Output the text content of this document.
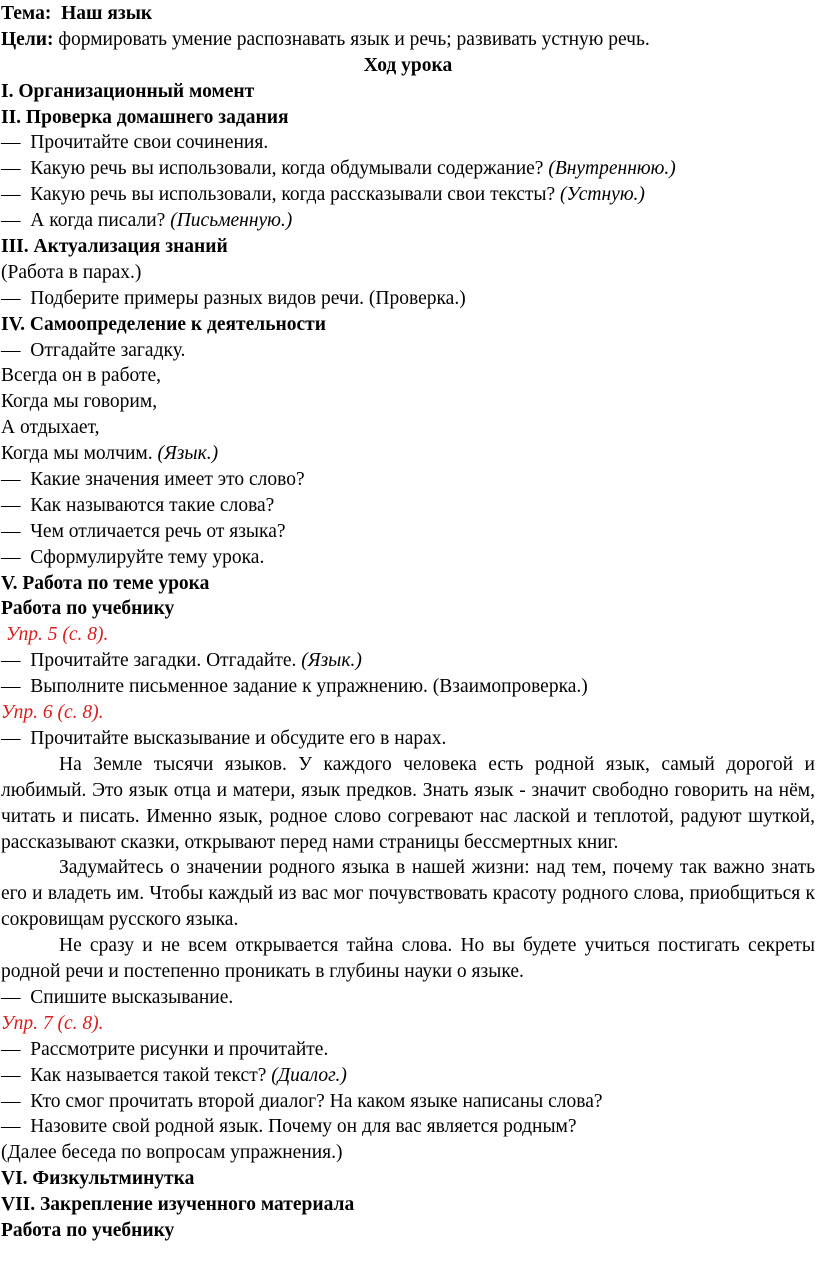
Тема: Наш язык
Цели: формировать умение распознавать язык и речь; развивать устную речь.
Ход урока
I. Организационный момент
II. Проверка домашнего задания
—  Прочитайте свои сочинения.
—  Какую речь вы использовали, когда обдумывали содержание? (Внутреннюю.)
—  Какую речь вы использовали, когда рассказывали свои тексты? (Устную.)
—  А когда писали? (Письменную.)
III. Актуализация знаний
(Работа в парах.)
—  Подберите примеры разных видов речи. (Проверка.)
IV. Самоопределение к деятельности
—  Отгадайте загадку.
Всегда он в работе,
Когда мы говорим,
А отдыхает,
Когда мы молчим. (Язык.)
—  Какие значения имеет это слово?
—  Как называются такие слова?
—  Чем отличается речь от языка?
—  Сформулируйте тему урока.
V. Работа по теме урока
Работа по учебнику
Упр. 5 (с. 8).
—  Прочитайте загадки. Отгадайте. (Язык.)
—  Выполните письменное задание к упражнению. (Взаимопроверка.)
Упр. 6 (с. 8).
—  Прочитайте высказывание и обсудите его в нарах.

На Земле тысячи языков. У каждого человека есть родной язык, самый дорогой и любимый. Это язык отца и матери, язык предков. Знать язык - значит свободно говорить на нём, читать и писать. Именно язык, родное слово согревают нас лаской и теплотой, радуют шуткой, рассказывают сказки, открывают перед нами страницы бессмертных книг.

Задумайтесь о значении родного языка в нашей жизни: над тем, почему так важно знать его и владеть им. Чтобы каждый из вас мог почувствовать красоту родного слова, приобщиться к сокровищам русского языка.

Не сразу и не всем открывается тайна слова. Но вы будете учиться постигать секреты родной речи и постепенно проникать в глубины науки о языке.

—  Спишите высказывание.
Упр. 7 (с. 8).
—  Рассмотрите рисунки и прочитайте.
—  Как называется такой текст? (Диалог.)
—  Кто смог прочитать второй диалог? На каком языке написаны слова?
—  Назовите свой родной язык. Почему он для вас является родным?
(Далее беседа по вопросам упражнения.)
VI. Физкультминутка
VII. Закрепление изученного материала
Работа по учебнику
